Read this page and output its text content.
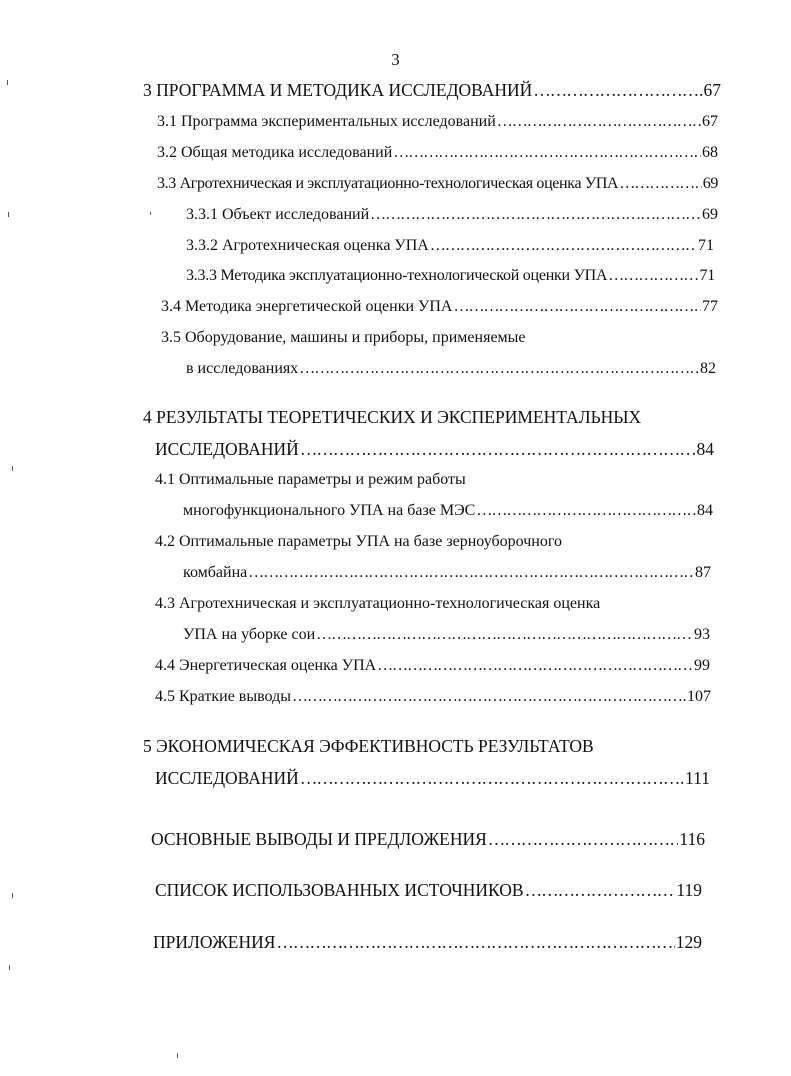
3
3 ПРОГРАММА И МЕТОДИКА ИССЛЕДОВАНИЙ …………………………………………………………………………………………………………………………………………	67
3.1 Программа экспериментальных исследований …………………………………………………………………………………………………………………………………………	67
3.2 Общая методика исследований …………………………………………………………………………………………………………………………………………	68
3.3 Агротехническая и эксплуатационно-технологическая оценка УПА …………………………………………………………………………………………………………………………………………	69
3.3.1 Объект исследований …………………………………………………………………………………………………………………………………………	69
3.3.2 Агротехническая оценка УПА …………………………………………………………………………………………………………………………………………	71
3.3.3 Методика эксплуатационно-технологической оценки УПА …………………………………………………………………………………………………………………………………………	71
3.4 Методика энергетической оценки УПА …………………………………………………………………………………………………………………………………………	77
3.5 Оборудование, машины и приборы, применяемые
в исследованиях …………………………………………………………………………………………………………………………………………	82
4 РЕЗУЛЬТАТЫ ТЕОРЕТИЧЕСКИХ И ЭКСПЕРИМЕНТАЛЬНЫХ
ИССЛЕДОВАНИЙ …………………………………………………………………………………………………………………………………………	84
4.1 Оптимальные параметры и режим работы
многофункционального УПА на базе МЭС …………………………………………………………………………………………………………………………………………	84
4.2 Оптимальные параметры УПА на базе зерноуборочного
комбайна …………………………………………………………………………………………………………………………………………	87
4.3 Агротехническая и эксплуатационно-технологическая оценка
УПА на уборке сои …………………………………………………………………………………………………………………………………………	93
4.4 Энергетическая оценка УПА …………………………………………………………………………………………………………………………………………	99
4.5 Краткие выводы …………………………………………………………………………………………………………………………………………	107
5 ЭКОНОМИЧЕСКАЯ ЭФФЕКТИВНОСТЬ РЕЗУЛЬТАТОВ
ИССЛЕДОВАНИЙ …………………………………………………………………………………………………………………………………………	111
ОСНОВНЫЕ ВЫВОДЫ И ПРЕДЛОЖЕНИЯ …………………………………………………………………………………………………………………………………………	116
СПИСОК ИСПОЛЬЗОВАННЫХ ИСТОЧНИКОВ …………………………………………………………………………………………………………………………………………	119
ПРИЛОЖЕНИЯ …………………………………………………………………………………………………………………………………………	129
